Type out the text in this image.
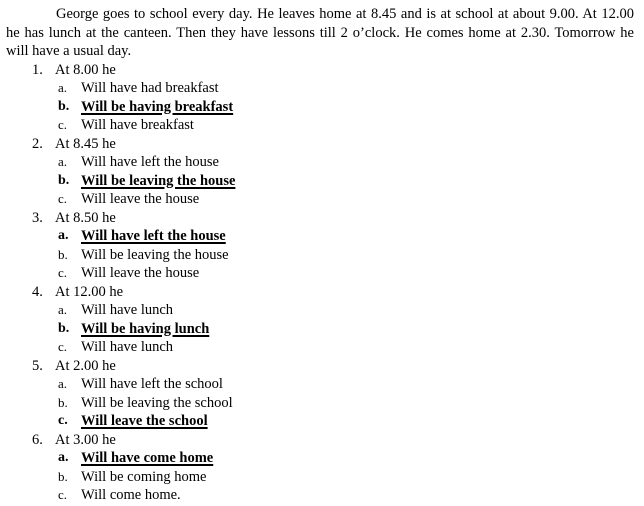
George goes to school every day. He leaves home at 8.45 and is at school at about 9.00. At 12.00 he has lunch at the canteen. Then they have lessons till 2 o’clock. He comes home at 2.30. Tomorrow he will have a usual day.

1. At 8.00 he
a. Will have had breakfast
b. Will be having breakfast
c. Will have breakfast
2. At 8.45 he
a. Will have left the house
b. Will be leaving the house
c. Will leave the house
3. At 8.50 he
a. Will have left the house
b. Will be leaving the house
c. Will leave the house
4. At 12.00 he
a. Will have lunch
b. Will be having lunch
c. Will have lunch
5. At 2.00 he
a. Will have left the school
b. Will be leaving the school
c. Will leave the school
6. At 3.00 he
a. Will have come home
b. Will be coming home
c. Will come home.
